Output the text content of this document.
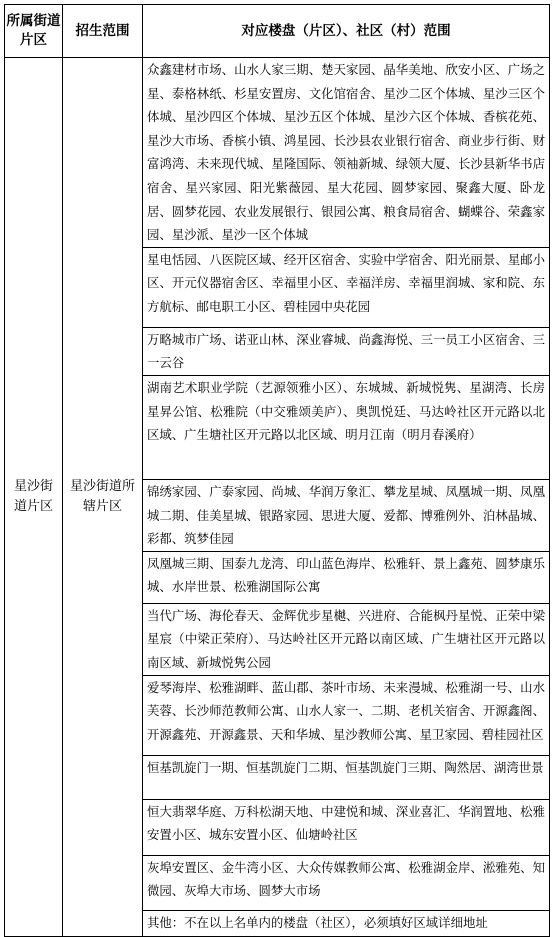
所属街道片区	招生范围	对应楼盘（片区）、社区（村）范围
星沙街道片区	星沙街道所辖片区	众鑫建材市场、山水人家三期、楚天家园、晶华美地、欣安小区、广场之星、泰格林纸、杉星安置房、文化馆宿舍、星沙二区个体城、星沙三区个体城、星沙四区个体城、星沙五区个体城、星沙六区个体城、香槟花苑、星沙大市场、香槟小镇、鸿星园、长沙县农业银行宿舍、商业步行街、财富鸿湾、未来现代城、星隆国际、领袖新城、绿领大厦、长沙县新华书店宿舍、星兴家园、阳光紫薇园、星大花园、圆梦家园、聚鑫大厦、卧龙居、圆梦花园、农业发展银行、银园公寓、粮食局宿舍、蝴蝶谷、荣鑫家园、星沙派、星沙一区个体城
		星电恬园、八医院区域、经开区宿舍、实验中学宿舍、阳光丽景、星邮小区、开元仪器宿舍区、幸福里小区、幸福洋房、幸福里润城、家和院、东方航标、邮电职工小区、碧桂园中央花园
		万略城市广场、诺亚山林、深业睿城、尚鑫海悦、三一员工小区宿舍、三一云谷
		湖南艺术职业学院（艺源领雅小区）、东城城、新城悦隽、星湖湾、长房星昇公馆、松雅院（中交雅颂美庐）、奥凯悦廷、马达岭社区开元路以北区域、广生塘社区开元路以北区域、明月江南（明月春溪府）
		锦绣家园、广泰家园、尚城、华润万象汇、攀龙星城、凤凰城一期、凤凰城二期、佳美星城、银路家园、思进大厦、爱都、博雅例外、泊林晶城、彩都、筑梦佳园
		凤凰城三期、国泰九龙湾、印山蓝色海岸、松雅轩、景上鑫苑、圆梦康乐城、水岸世景、松雅湖国际公寓
		当代广场、海伦春天、金辉优步星樾、兴进府、合能枫丹星悦、正荣中梁星宸（中梁正荣府）、马达岭社区开元路以南区域、广生塘社区开元路以南区域、新城悦隽公园
		爱琴海岸、松雅湖畔、蓝山郡、茶叶市场、未来漫城、松雅湖一号、山水芙蓉、长沙师范教师公寓、山水人家一、二期、老机关宿舍、开源鑫阁、开源鑫苑、开源鑫景、天和华城、星沙教师公寓、星卫家园、碧桂园社区
		恒基凯旋门一期、恒基凯旋门二期、恒基凯旋门三期、陶然居、湖湾世景
		恒大翡翠华庭、万科松湖天地、中建悦和城、深业喜汇、华润置地、松雅安置小区、城东安置小区、仙塘岭社区
		灰埠安置区、金牛湾小区、大众传媒教师公寓、松雅湖金岸、淞雅苑、知微园、灰埠大市场、圆梦大市场
		其他：不在以上名单内的楼盘（社区），必须填好区域详细地址
